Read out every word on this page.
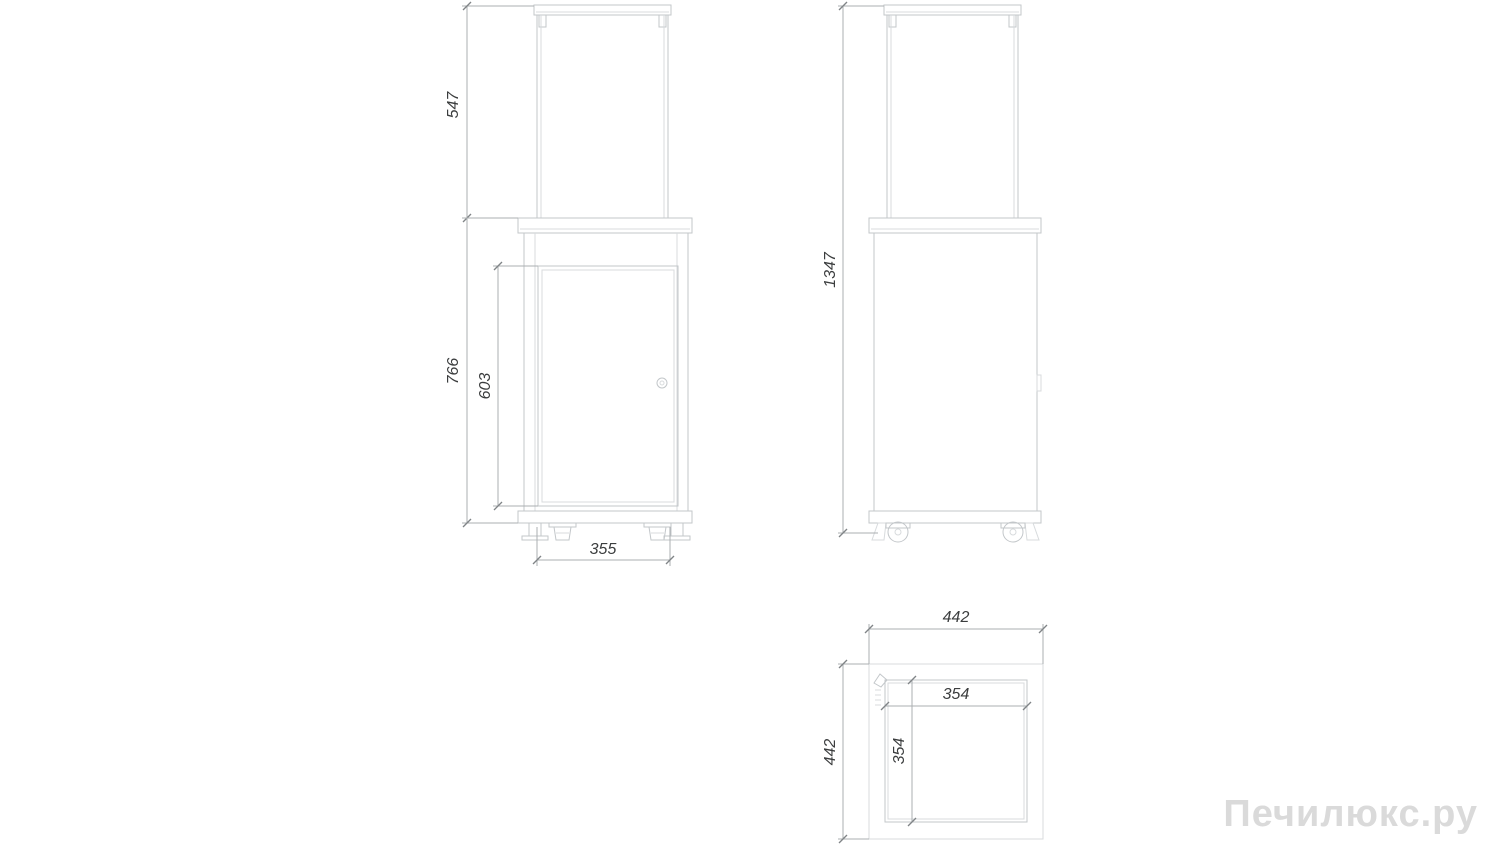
547
766
603
355
1347
442
442
354
354
Печилюкс.ру
